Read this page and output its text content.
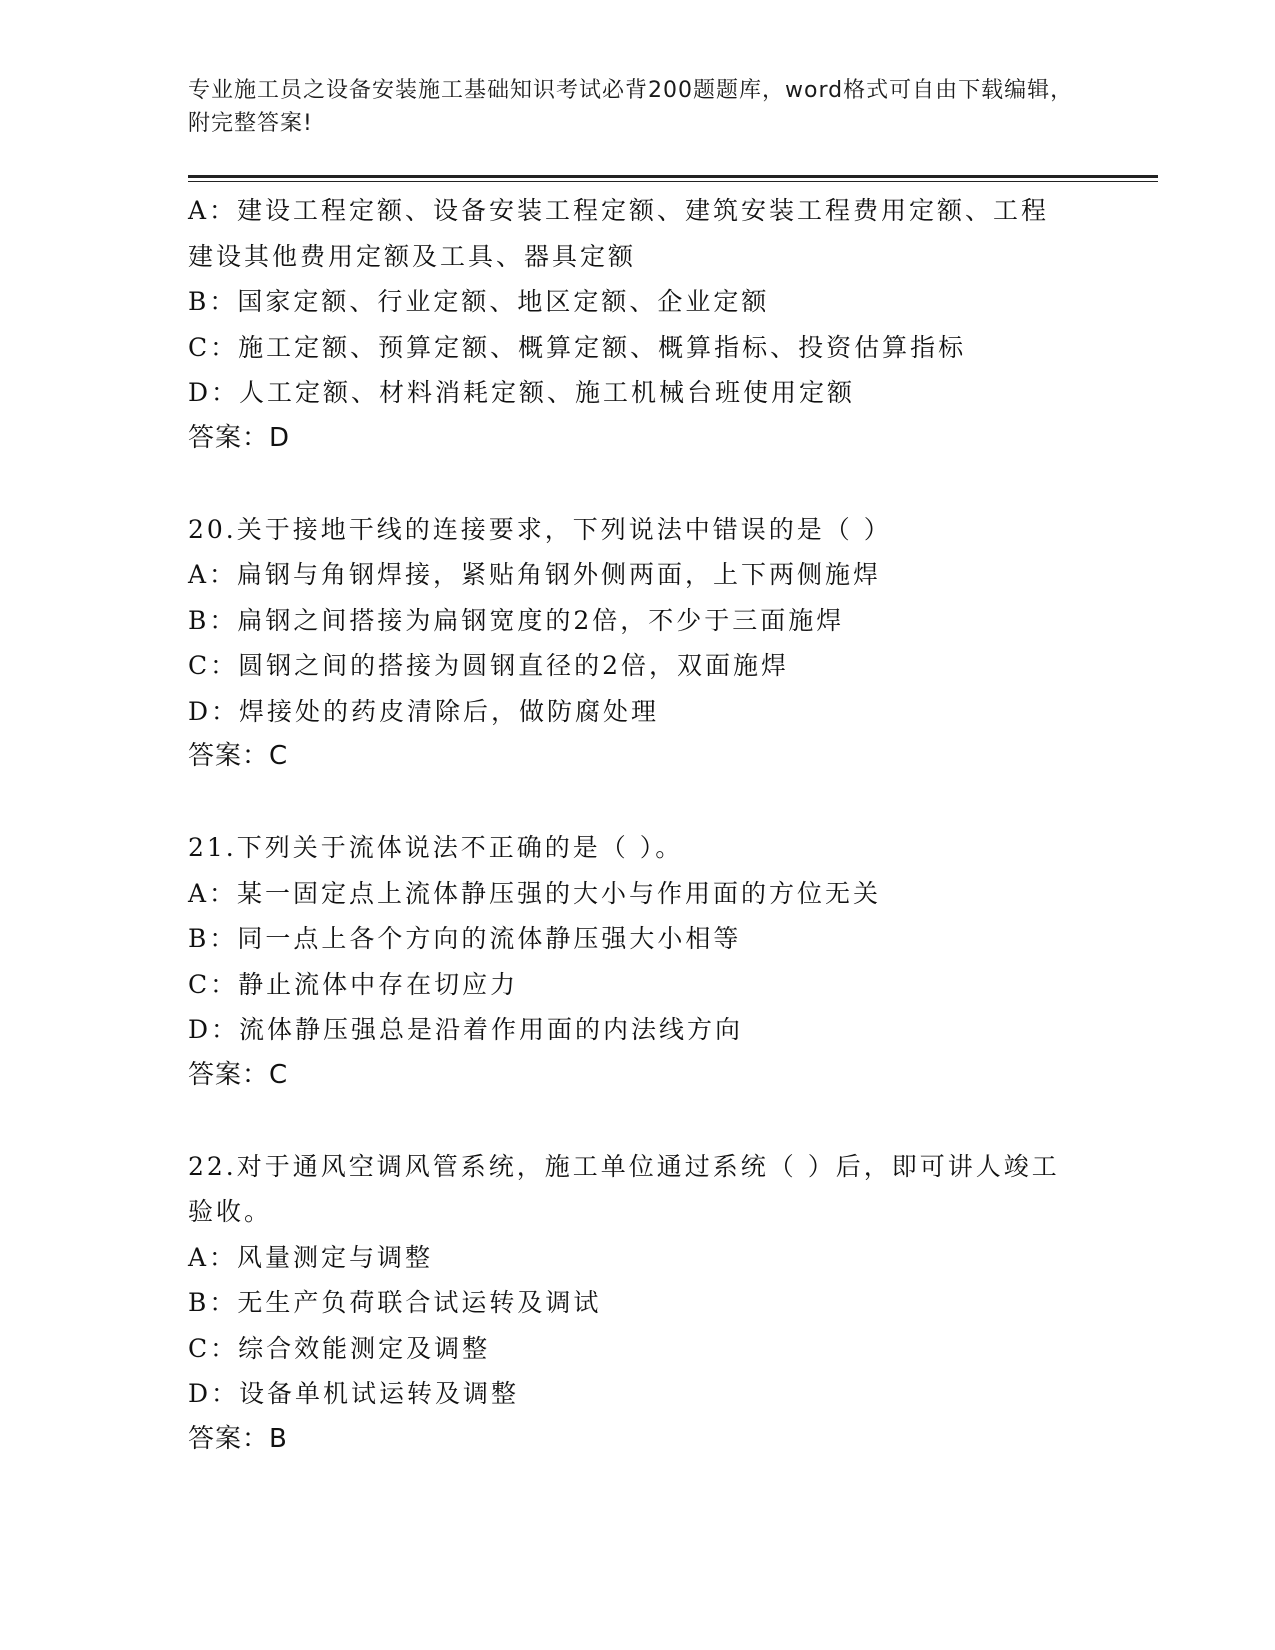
专业施工员之设备安装施工基础知识考试必背200题题库，word格式可自由下载编辑，附完整答案!
A：建设工程定额、设备安装工程定额、建筑安装工程费用定额、工程建设其他费用定额及工具、器具定额
B：国家定额、行业定额、地区定额、企业定额
C：施工定额、预算定额、概算定额、概算指标、投资估算指标
D：人工定额、材料消耗定额、施工机械台班使用定额
答案：D
20.关于接地干线的连接要求，下列说法中错误的是（ ）
A：扁钢与角钢焊接，紧贴角钢外侧两面，上下两侧施焊
B：扁钢之间搭接为扁钢宽度的2倍，不少于三面施焊
C：圆钢之间的搭接为圆钢直径的2倍，双面施焊
D：焊接处的药皮清除后，做防腐处理
答案：C
21.下列关于流体说法不正确的是（ ）。
A：某一固定点上流体静压强的大小与作用面的方位无关
B：同一点上各个方向的流体静压强大小相等
C：静止流体中存在切应力
D：流体静压强总是沿着作用面的内法线方向
答案：C
22.对于通风空调风管系统，施工单位通过系统（ ）后，即可讲人竣工验收。
A：风量测定与调整
B：无生产负荷联合试运转及调试
C：综合效能测定及调整
D：设备单机试运转及调整
答案：B
